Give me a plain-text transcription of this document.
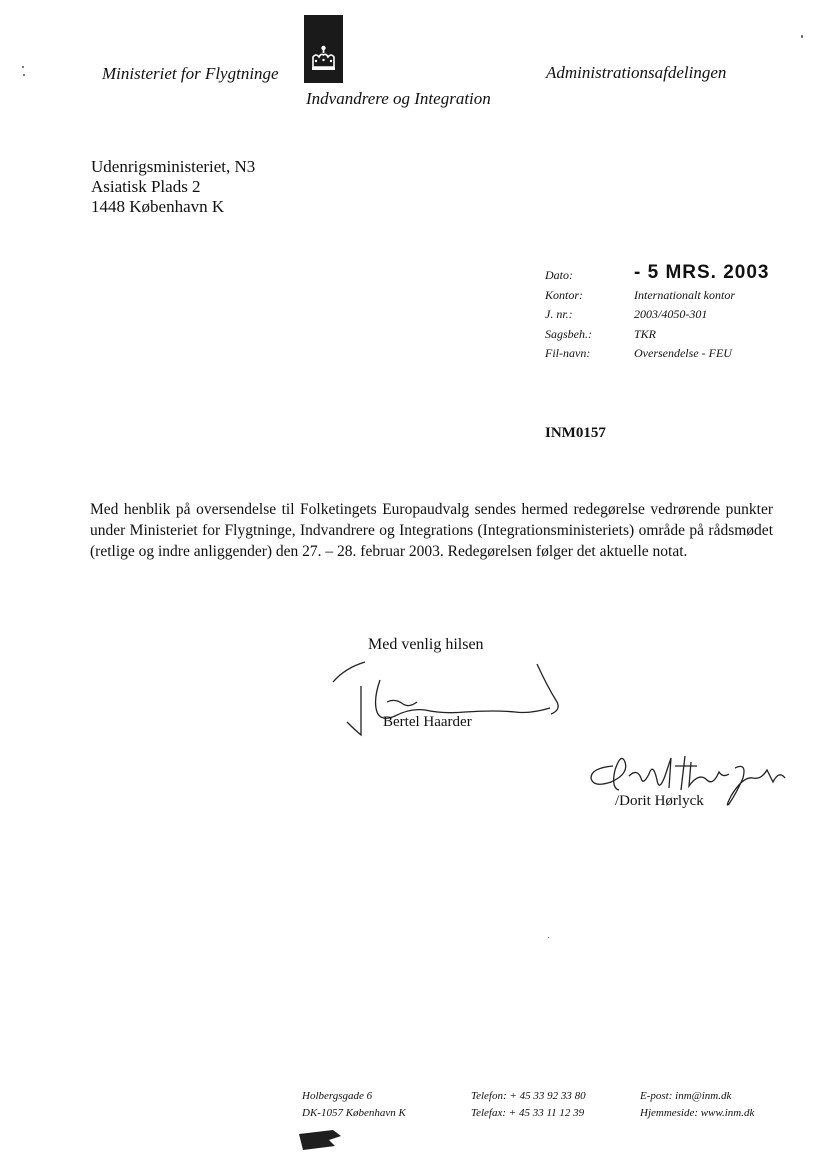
Ministeriet for Flygtninge	Administrationsafdelingen
Indvandrere og Integration
Udenrigsministeriet, N3
Asiatisk Plads 2
1448 København K
Dato:	- 5 MRS. 2003
Kontor:	Internationalt kontor
J. nr.:	2003/4050-301
Sagsbeh.:	TKR
Fil-navn:	Oversendelse - FEU
INM0157
Med henblik på oversendelse til Folketingets Europaudvalg sendes hermed redegørelse vedrørende punkter under Ministeriet for Flygtninge, Indvandrere og Integrations (Integrationsministeriets) område på rådsmødet (retlige og indre anliggender) den 27. – 28. februar 2003. Redegørelsen følger det aktuelle notat.
Med venlig hilsen
Bertel Haarder
/Dorit Hørlyck
Holbergsgade 6
DK-1057 København K
Telefon: + 45 33 92 33 80
Telefax: + 45 33 11 12 39
E-post: inm@inm.dk
Hjemmeside: www.inm.dk
